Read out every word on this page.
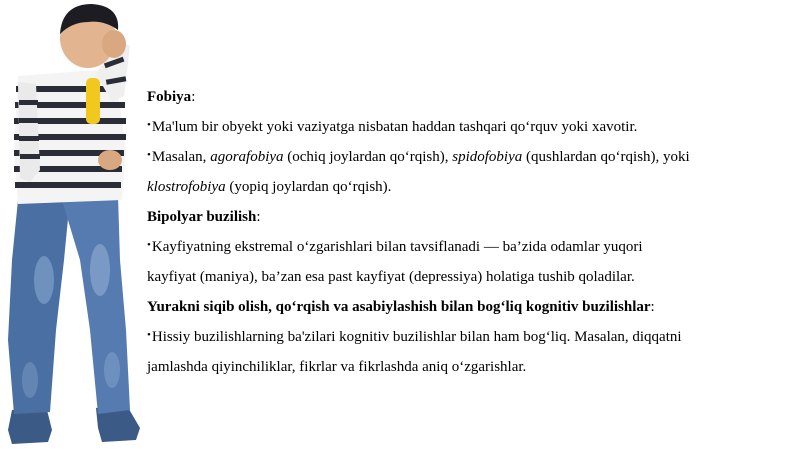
Fobiya:
•Ma'lum bir obyekt yoki vaziyatga nisbatan haddan tashqari qo‘rquv yoki xavotir.
•Masalan, agorafobiya (ochiq joylardan qo‘rqish), spidofobiya (qushlardan qo‘rqish), yoki
klostrofobiya (yopiq joylardan qo‘rqish).
Bipolyar buzilish:
•Kayfiyatning ekstremal o‘zgarishlari bilan tavsiflanadi — ba’zida odamlar yuqori
kayfiyat (maniya), ba’zan esa past kayfiyat (depressiya) holatiga tushib qoladilar.
Yurakni siqib olish, qo‘rqish va asabiylashish bilan bog‘liq kognitiv buzilishlar:
•Hissiy buzilishlarning ba'zilari kognitiv buzilishlar bilan ham bog‘liq. Masalan, diqqatni
jamlashda qiyinchiliklar, fikrlar va fikrlashda aniq o‘zgarishlar.
